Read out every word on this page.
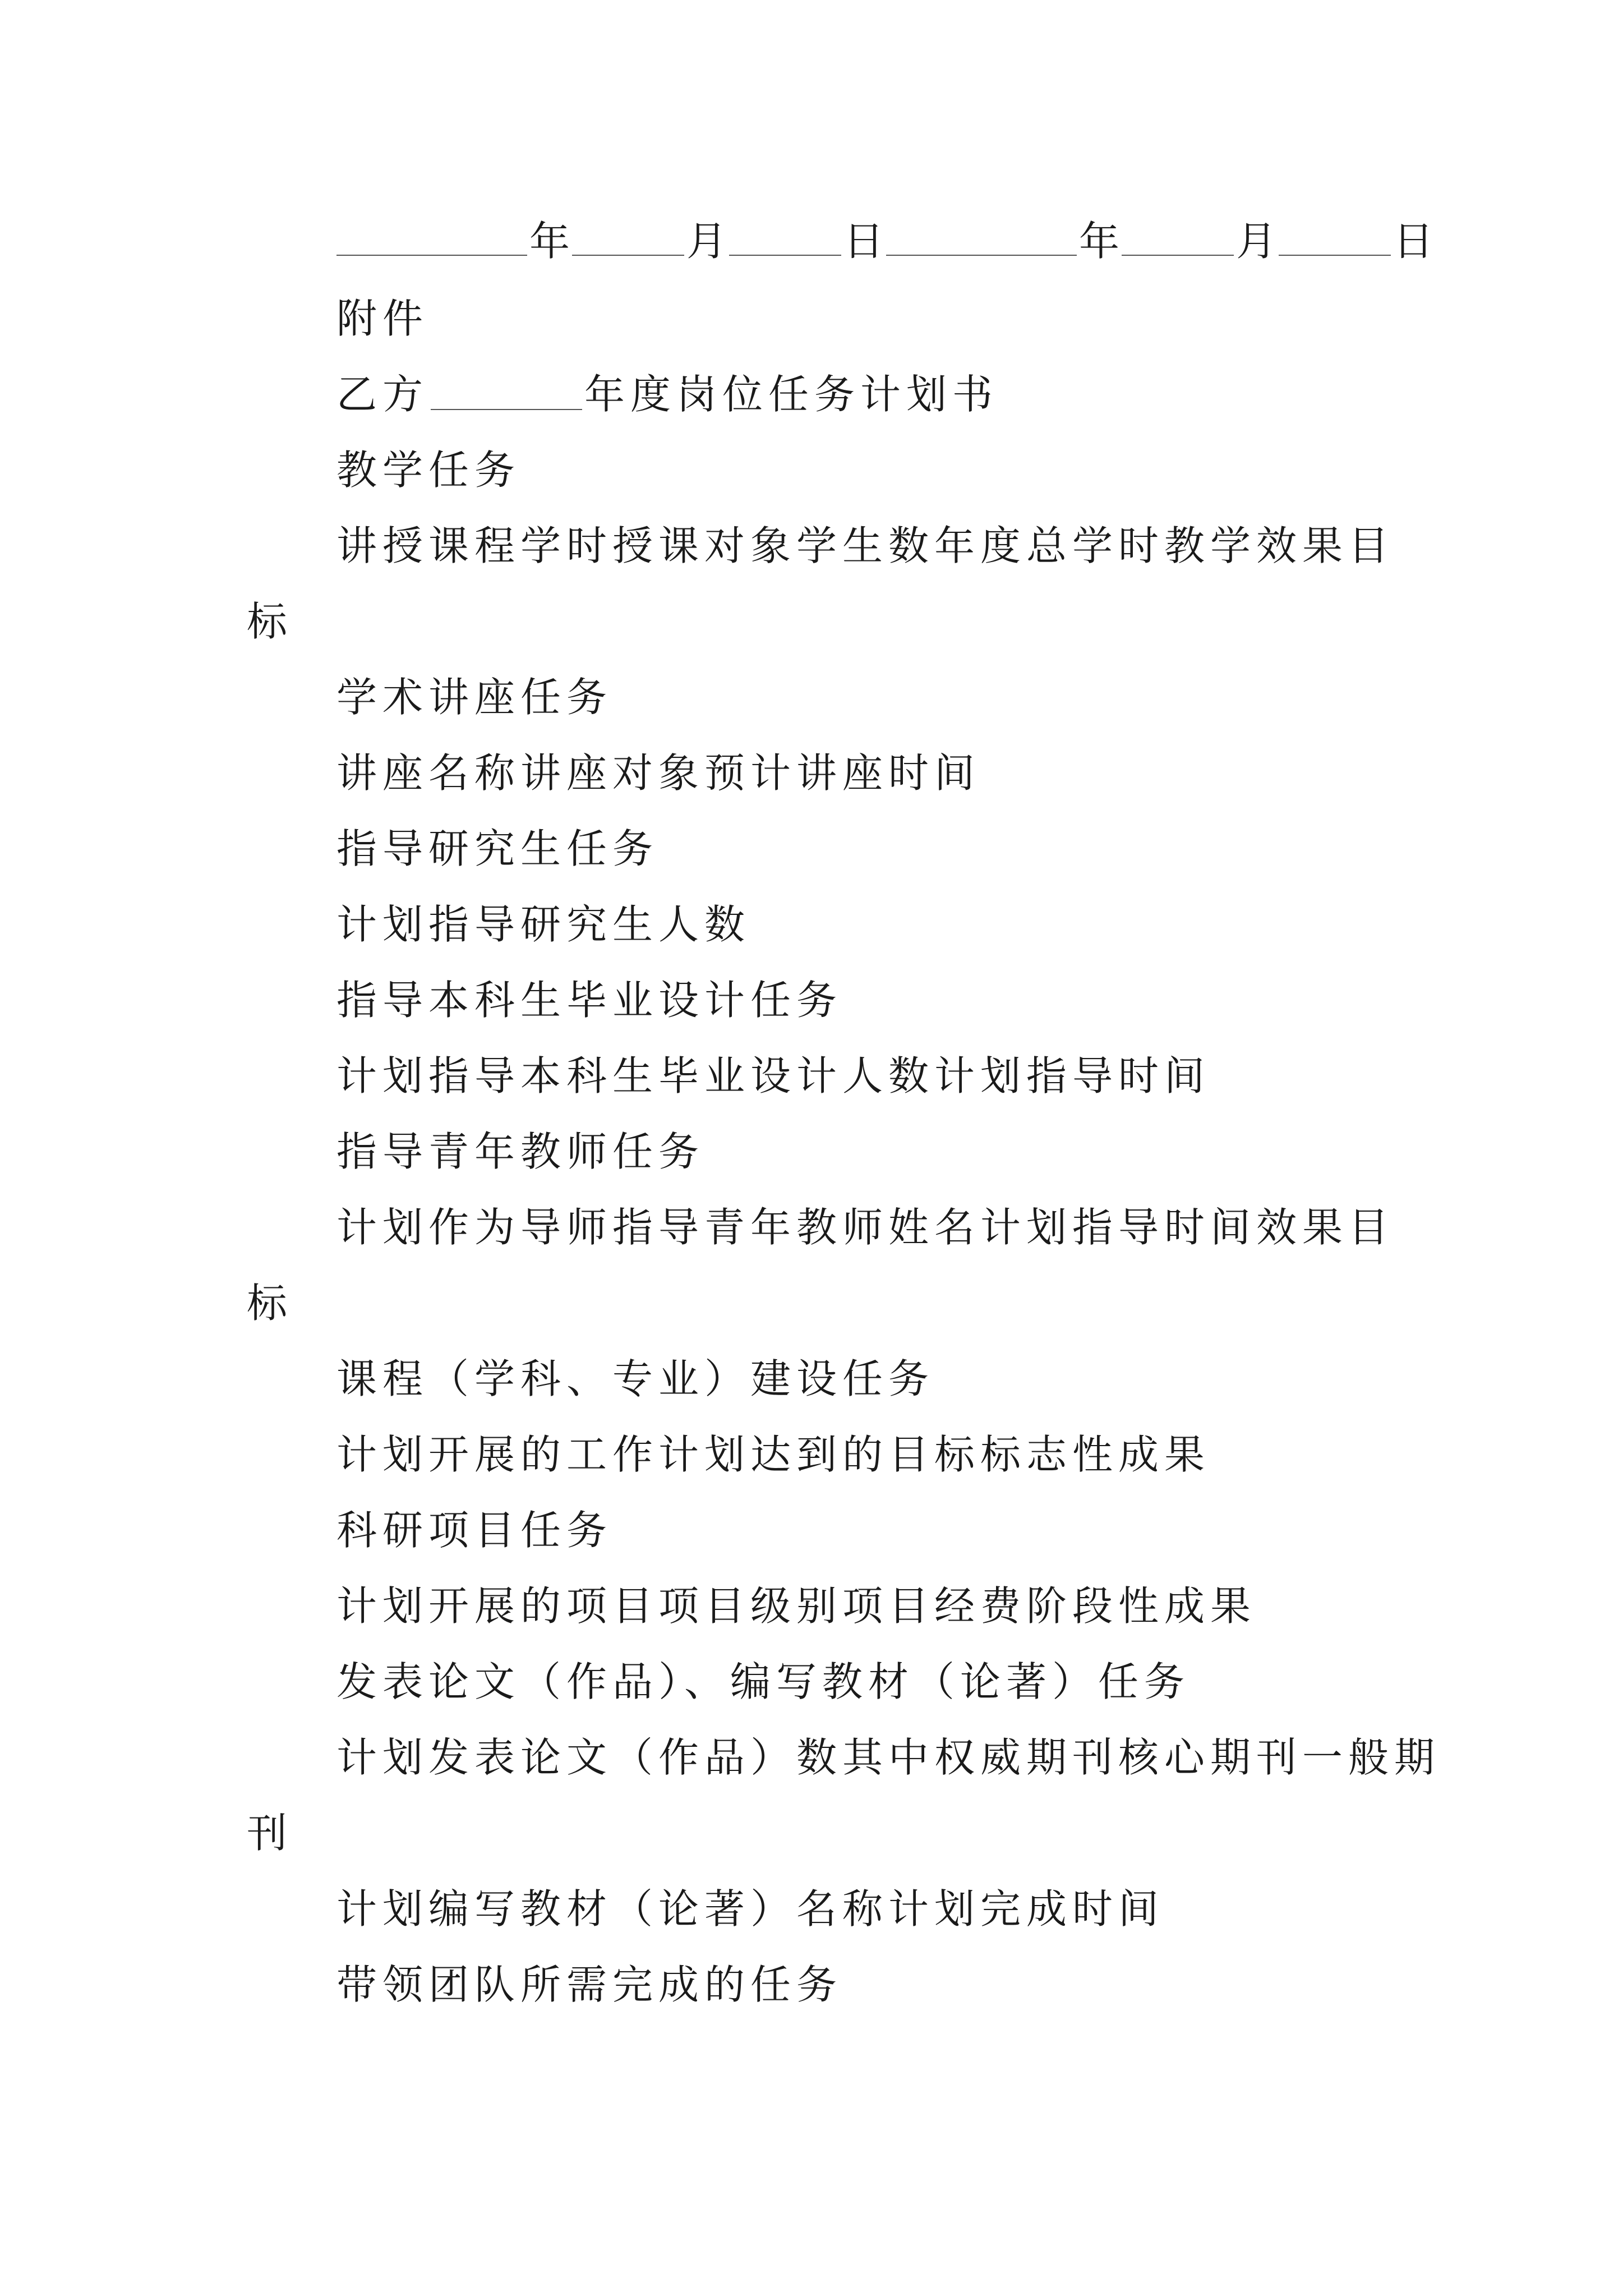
年	月	日	年	月	日
附件
乙方	年度岗位任务计划书
教学任务
讲授课程学时授课对象学生数年度总学时教学效果目
标
学术讲座任务
讲座名称讲座对象预计讲座时间
指导研究生任务
计划指导研究生人数
指导本科生毕业设计任务
计划指导本科生毕业设计人数计划指导时间
指导青年教师任务
计划作为导师指导青年教师姓名计划指导时间效果目
标
课程（学科、专业）建设任务
计划开展的工作计划达到的目标标志性成果
科研项目任务
计划开展的项目项目级别项目经费阶段性成果
发表论文（作品）、编写教材（论著）任务
计划发表论文（作品）数其中权威期刊核心期刊一般期
刊
计划编写教材（论著）名称计划完成时间
带领团队所需完成的任务
